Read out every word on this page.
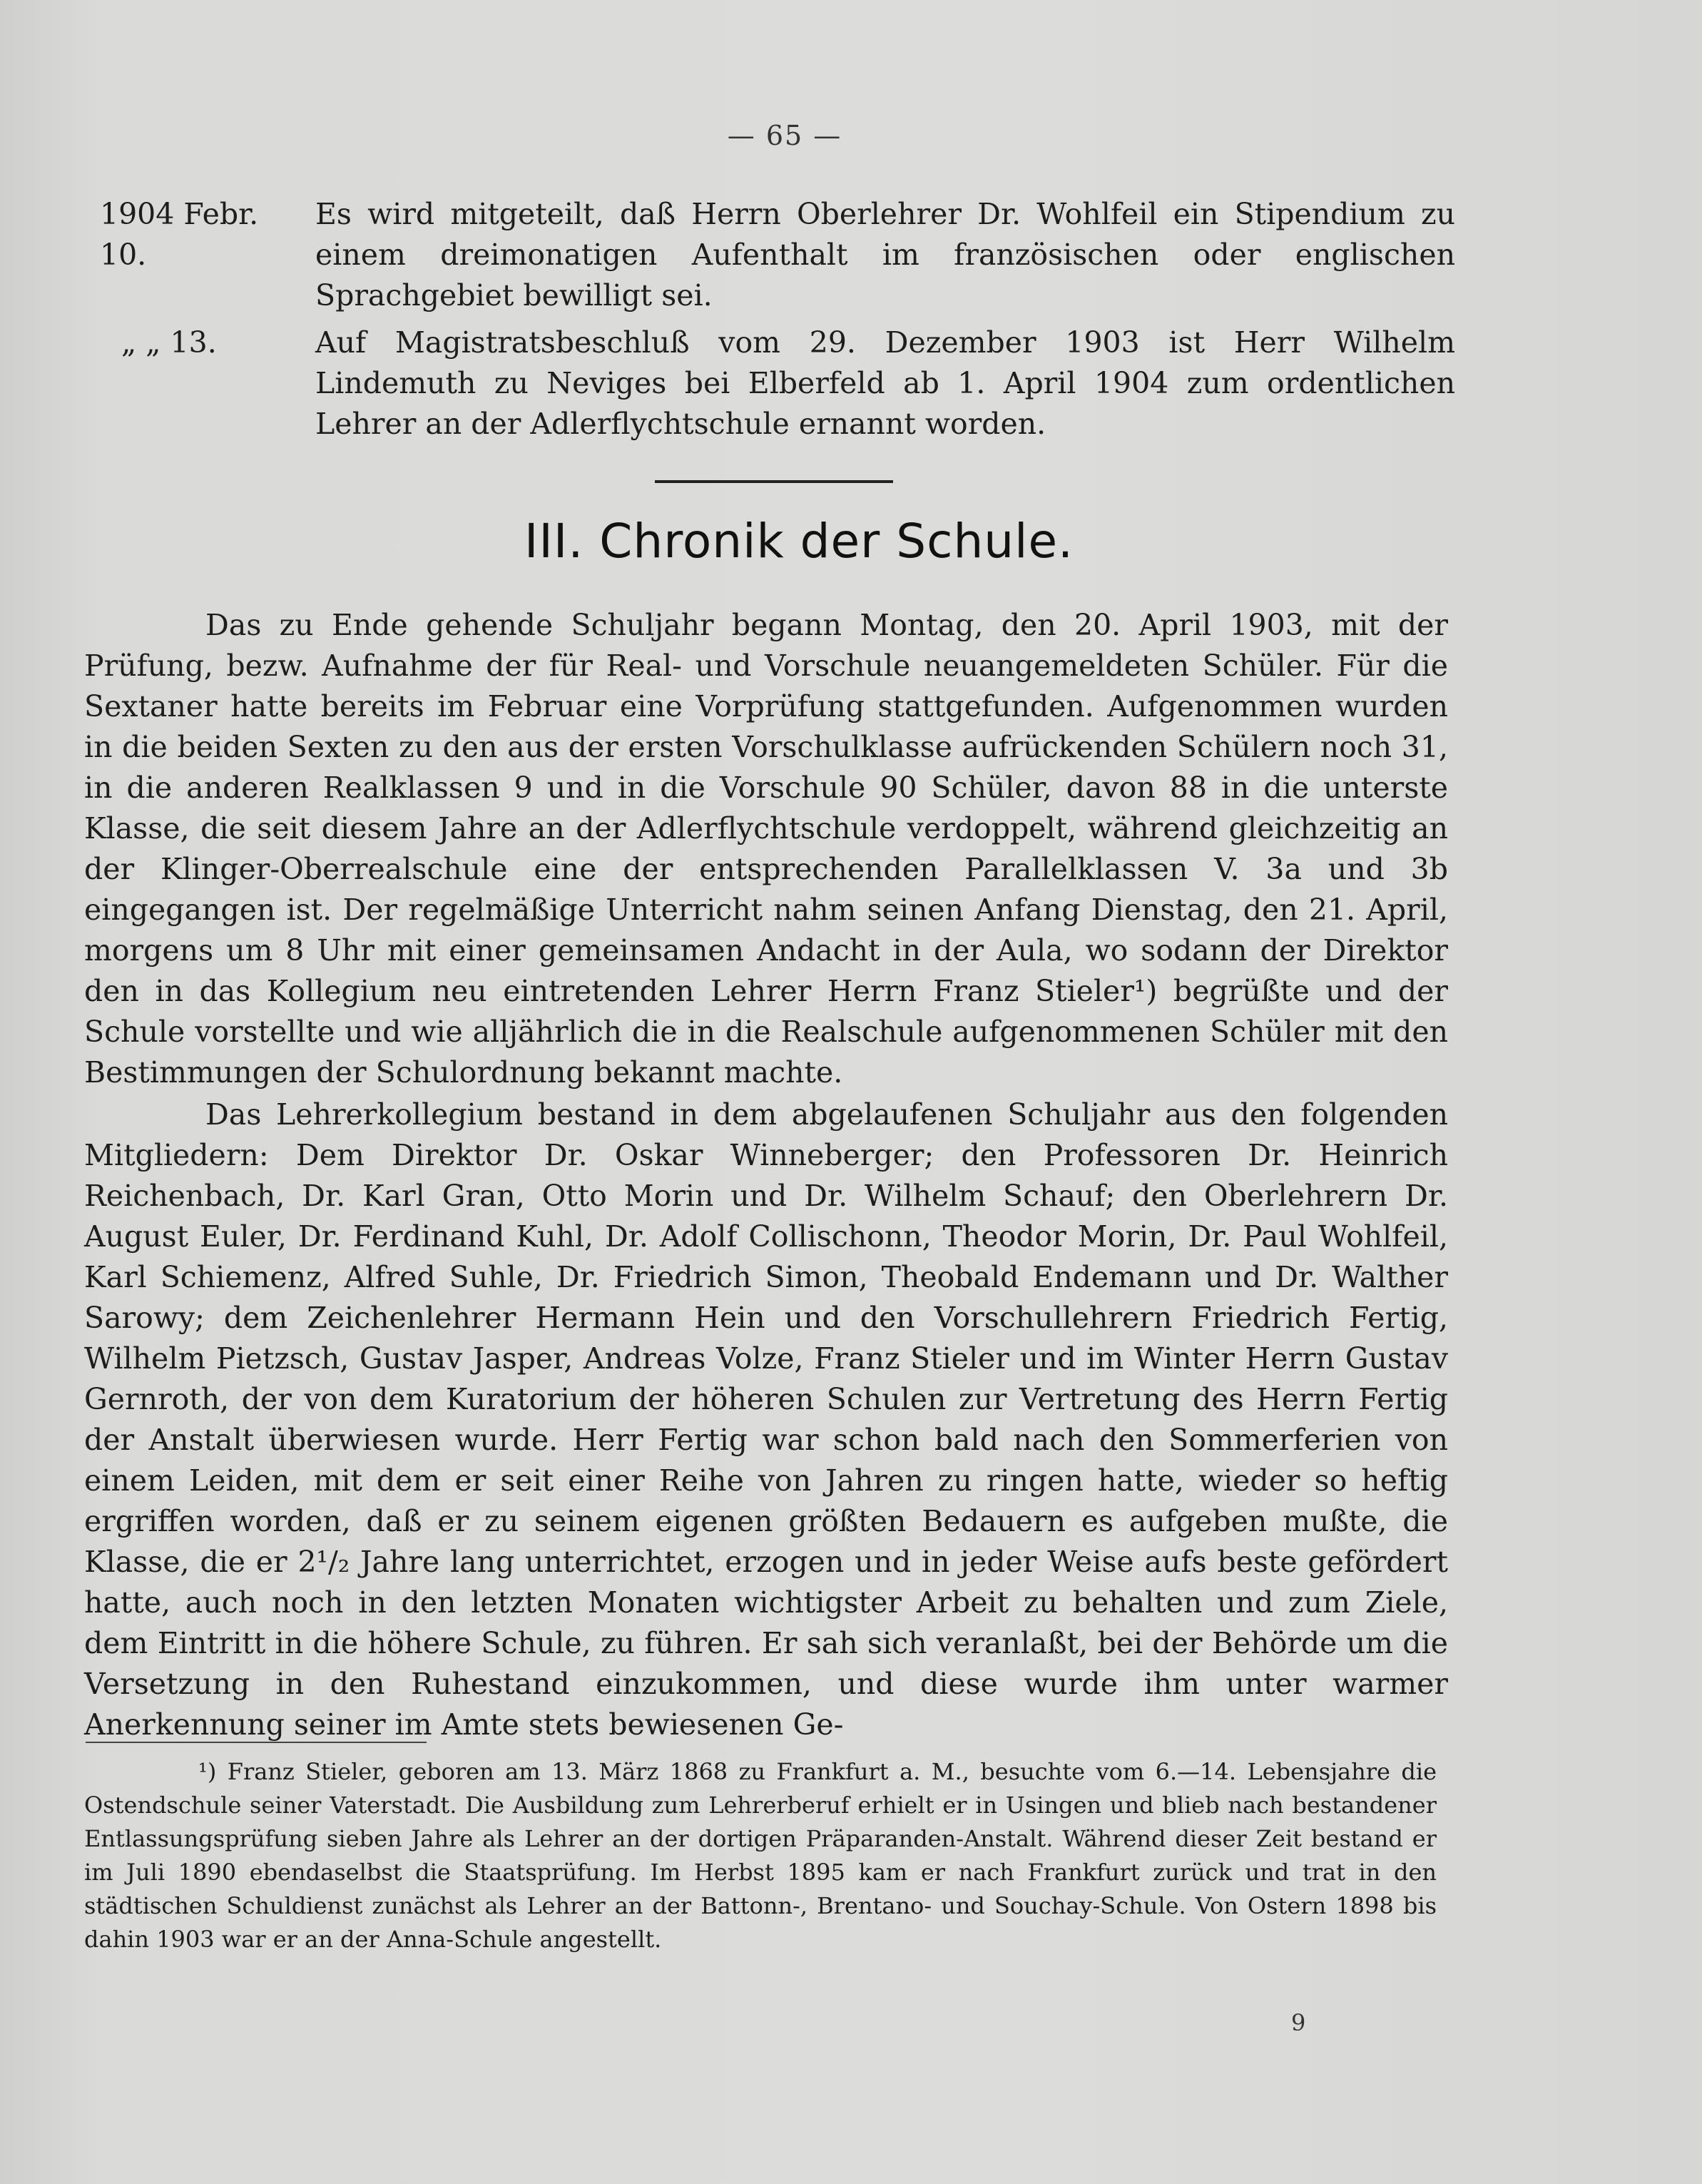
— 65 —
1904 Febr. 10.
Es wird mitgeteilt, daß Herrn Oberlehrer Dr. Wohlfeil ein Stipendium zu einem dreimonatigen Aufenthalt im französischen oder englischen Sprachgebiet bewilligt sei.
„ „ 13.	Auf Magistratsbeschluß vom 29. Dezember 1903 ist Herr Wilhelm Lindemuth zu Neviges bei Elberfeld ab 1. April 1904 zum ordentlichen Lehrer an der Adlerflychtschule ernannt worden.
III. Chronik der Schule.

Das zu Ende gehende Schuljahr begann Montag, den 20. April 1903, mit der Prüfung, bezw. Aufnahme der für Real- und Vorschule neuangemeldeten Schüler. Für die Sextaner hatte bereits im Februar eine Vorprüfung stattgefunden. Aufgenommen wurden in die beiden Sexten zu den aus der ersten Vorschulklasse aufrückenden Schülern noch 31, in die anderen Realklassen 9 und in die Vorschule 90 Schüler, davon 88 in die unterste Klasse, die seit diesem Jahre an der Adlerflychtschule verdoppelt, während gleichzeitig an der Klinger-Oberrealschule eine der entsprechenden Parallelklassen V. 3a und 3b eingegangen ist. Der regelmäßige Unterricht nahm seinen Anfang Dienstag, den 21. April, morgens um 8 Uhr mit einer gemeinsamen Andacht in der Aula, wo sodann der Direktor den in das Kollegium neu eintretenden Lehrer Herrn Franz Stieler¹) begrüßte und der Schule vorstellte und wie alljährlich die in die Realschule aufgenommenen Schüler mit den Bestimmungen der Schulordnung bekannt machte.

Das Lehrerkollegium bestand in dem abgelaufenen Schuljahr aus den folgenden Mitgliedern: Dem Direktor Dr. Oskar Winneberger; den Professoren Dr. Heinrich Reichenbach, Dr. Karl Gran, Otto Morin und Dr. Wilhelm Schauf; den Oberlehrern Dr. August Euler, Dr. Ferdinand Kuhl, Dr. Adolf Collischonn, Theodor Morin, Dr. Paul Wohlfeil, Karl Schiemenz, Alfred Suhle, Dr. Friedrich Simon, Theobald Endemann und Dr. Walther Sarowy; dem Zeichenlehrer Hermann Hein und den Vorschullehrern Friedrich Fertig, Wilhelm Pietzsch, Gustav Jasper, Andreas Volze, Franz Stieler und im Winter Herrn Gustav Gernroth, der von dem Kuratorium der höheren Schulen zur Vertretung des Herrn Fertig der Anstalt überwiesen wurde. Herr Fertig war schon bald nach den Sommerferien von einem Leiden, mit dem er seit einer Reihe von Jahren zu ringen hatte, wieder so heftig ergriffen worden, daß er zu seinem eigenen größten Bedauern es aufgeben mußte, die Klasse, die er 2¹/₂ Jahre lang unterrichtet, erzogen und in jeder Weise aufs beste gefördert hatte, auch noch in den letzten Monaten wichtigster Arbeit zu behalten und zum Ziele, dem Eintritt in die höhere Schule, zu führen. Er sah sich veranlaßt, bei der Behörde um die Versetzung in den Ruhestand einzukommen, und diese wurde ihm unter warmer Anerkennung seiner im Amte stets bewiesenen Ge-

¹) Franz Stieler, geboren am 13. März 1868 zu Frankfurt a. M., besuchte vom 6.—14. Lebensjahre die Ostendschule seiner Vaterstadt. Die Ausbildung zum Lehrerberuf erhielt er in Usingen und blieb nach bestandener Entlassungsprüfung sieben Jahre als Lehrer an der dortigen Präparanden-Anstalt. Während dieser Zeit bestand er im Juli 1890 ebendaselbst die Staatsprüfung. Im Herbst 1895 kam er nach Frankfurt zurück und trat in den städtischen Schuldienst zunächst als Lehrer an der Battonn-, Brentano- und Souchay-Schule. Von Ostern 1898 bis dahin 1903 war er an der Anna-Schule angestellt.

9
